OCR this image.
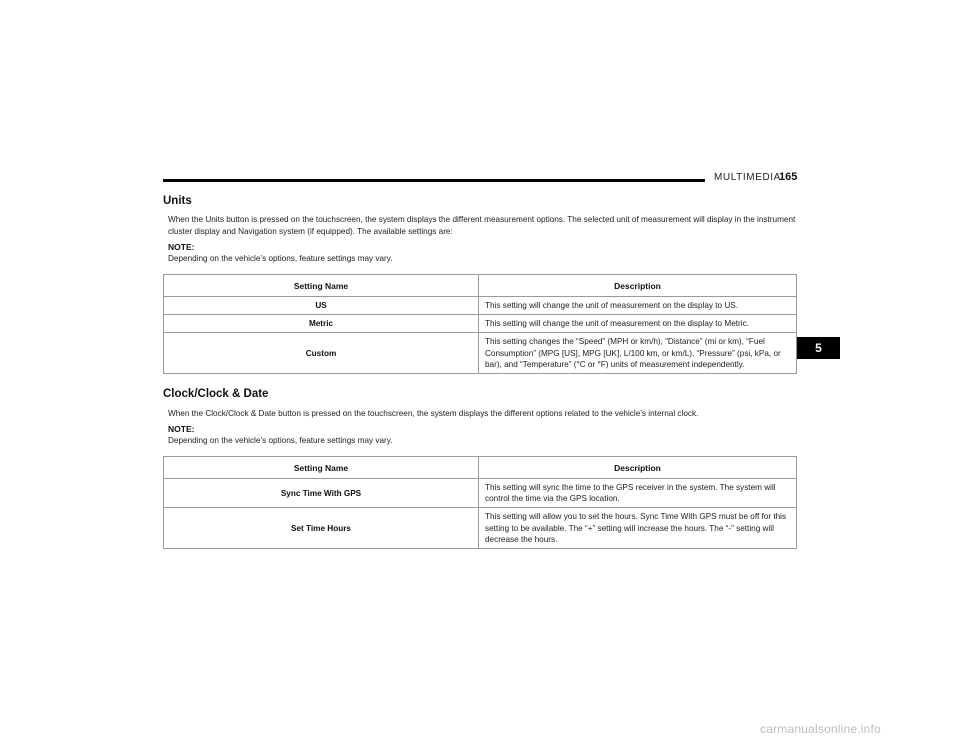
MULTIMEDIA
165
5
Units

When the Units button is pressed on the touchscreen, the system displays the different measurement options. The selected unit of measurement will display in the instrument cluster display and Navigation system (if equipped). The available settings are:

NOTE:
Depending on the vehicle’s options, feature settings may vary.
Setting Name	Description
US	This setting will change the unit of measurement on the display to US.
Metric	This setting will change the unit of measurement on the display to Metric.
Custom	This setting changes the “Speed” (MPH or km/h), “Distance” (mi or km), “Fuel Consumption” (MPG [US], MPG [UK], L/100 km, or km/L), “Pressure” (psi, kPa, or bar), and “Temperature” (°C or °F) units of measurement independently.
Clock/Clock & Date

When the Clock/Clock & Date button is pressed on the touchscreen, the system displays the different options related to the vehicle’s internal clock.

NOTE:
Depending on the vehicle’s options, feature settings may vary.
Setting Name	Description
Sync Time With GPS	This setting will sync the time to the GPS receiver in the system. The system will control the time via the GPS location.
Set Time Hours	This setting will allow you to set the hours. Sync Time With GPS must be off for this setting to be available. The “+” setting will increase the hours. The “-” setting will decrease the hours.
carmanualsonline.info
